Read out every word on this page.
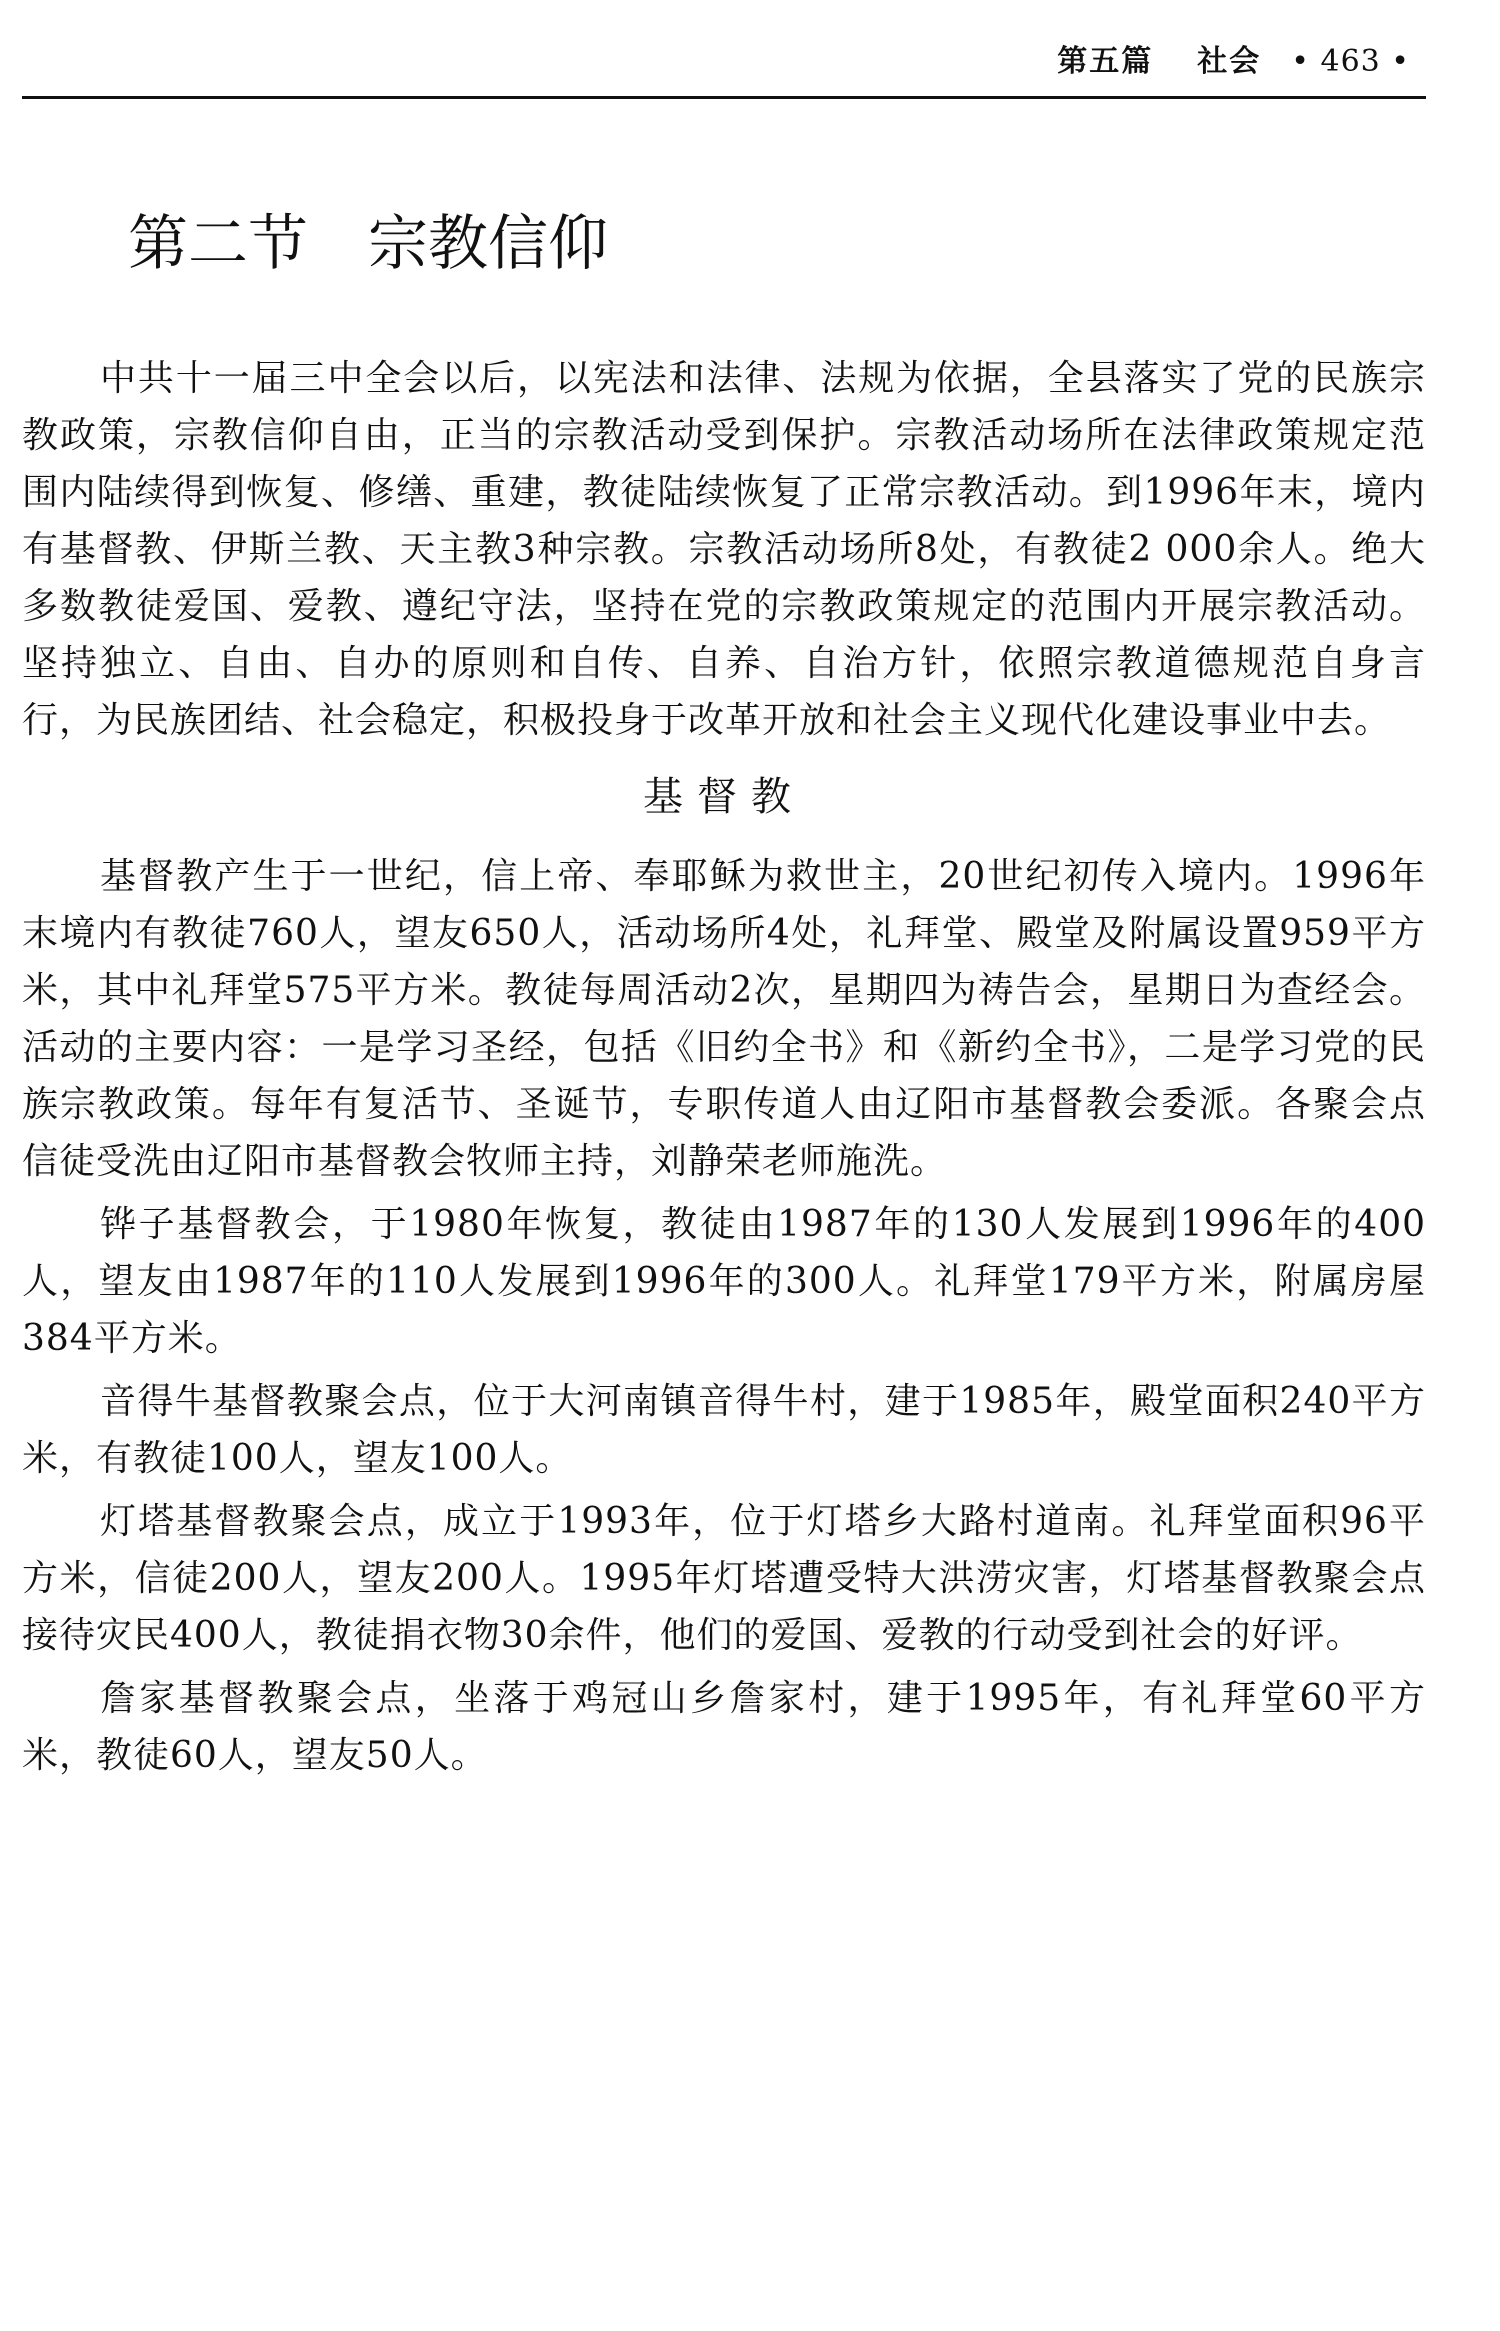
第五篇 社会 • 463 •
第二节 宗教信仰

中共十一届三中全会以后，以宪法和法律、法规为依据，全县落实了党的民族宗教政策，宗教信仰自由，正当的宗教活动受到保护。宗教活动场所在法律政策规定范围内陆续得到恢复、修缮、重建，教徒陆续恢复了正常宗教活动。到1996年末，境内有基督教、伊斯兰教、天主教3种宗教。宗教活动场所8处，有教徒2 000余人。绝大多数教徒爱国、爱教、遵纪守法，坚持在党的宗教政策规定的范围内开展宗教活动。坚持独立、自由、自办的原则和自传、自养、自治方针，依照宗教道德规范自身言行，为民族团结、社会稳定，积极投身于改革开放和社会主义现代化建设事业中去。

基督教

基督教产生于一世纪，信上帝、奉耶稣为救世主，20世纪初传入境内。1996年末境内有教徒760人，望友650人，活动场所4处，礼拜堂、殿堂及附属设置959平方米，其中礼拜堂575平方米。教徒每周活动2次，星期四为祷告会，星期日为查经会。活动的主要内容：一是学习圣经，包括《旧约全书》和《新约全书》，二是学习党的民族宗教政策。每年有复活节、圣诞节，专职传道人由辽阳市基督教会委派。各聚会点信徒受洗由辽阳市基督教会牧师主持，刘静荣老师施洗。

铧子基督教会，于1980年恢复，教徒由1987年的130人发展到1996年的400人，望友由1987年的110人发展到1996年的300人。礼拜堂179平方米，附属房屋384平方米。

音得牛基督教聚会点，位于大河南镇音得牛村，建于1985年，殿堂面积240平方米，有教徒100人，望友100人。

灯塔基督教聚会点，成立于1993年，位于灯塔乡大路村道南。礼拜堂面积96平方米，信徒200人，望友200人。1995年灯塔遭受特大洪涝灾害，灯塔基督教聚会点接待灾民400人，教徒捐衣物30余件，他们的爱国、爱教的行动受到社会的好评。

詹家基督教聚会点，坐落于鸡冠山乡詹家村，建于1995年，有礼拜堂60平方米，教徒60人，望友50人。
